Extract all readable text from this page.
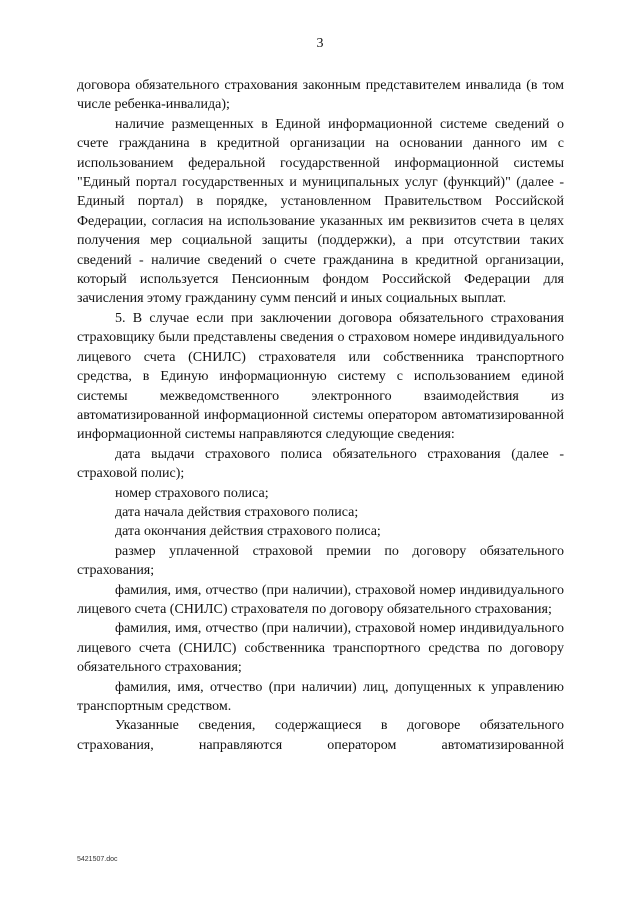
3

договора обязательного страхования законным представителем инвалида (в том числе ребенка-инвалида);

наличие размещенных в Единой информационной системе сведений о счете гражданина в кредитной организации на основании данного им с использованием федеральной государственной информационной системы "Единый портал государственных и муниципальных услуг (функций)" (далее - Единый портал) в порядке, установленном Правительством Российской Федерации, согласия на использование указанных им реквизитов счета в целях получения мер социальной защиты (поддержки), а при отсутствии таких сведений - наличие сведений о счете гражданина в кредитной организации, который используется Пенсионным фондом Российской Федерации для зачисления этому гражданину сумм пенсий и иных социальных выплат.

5. В случае если при заключении договора обязательного страхования страховщику были представлены сведения о страховом номере индивидуального лицевого счета (СНИЛС) страхователя или собственника транспортного средства, в Единую информационную систему с использованием единой системы межведомственного электронного взаимодействия из автоматизированной информационной системы оператором автоматизированной информационной системы направляются следующие сведения:

дата выдачи страхового полиса обязательного страхования (далее - страховой полис);

номер страхового полиса;

дата начала действия страхового полиса;

дата окончания действия страхового полиса;

размер уплаченной страховой премии по договору обязательного страхования;

фамилия, имя, отчество (при наличии), страховой номер индивидуального лицевого счета (СНИЛС) страхователя по договору обязательного страхования;

фамилия, имя, отчество (при наличии), страховой номер индивидуального лицевого счета (СНИЛС) собственника транспортного средства по договору обязательного страхования;

фамилия, имя, отчество (при наличии) лиц, допущенных к управлению транспортным средством.

Указанные сведения, содержащиеся в договоре обязательного страхования, направляются оператором автоматизированной

5421507.doc
